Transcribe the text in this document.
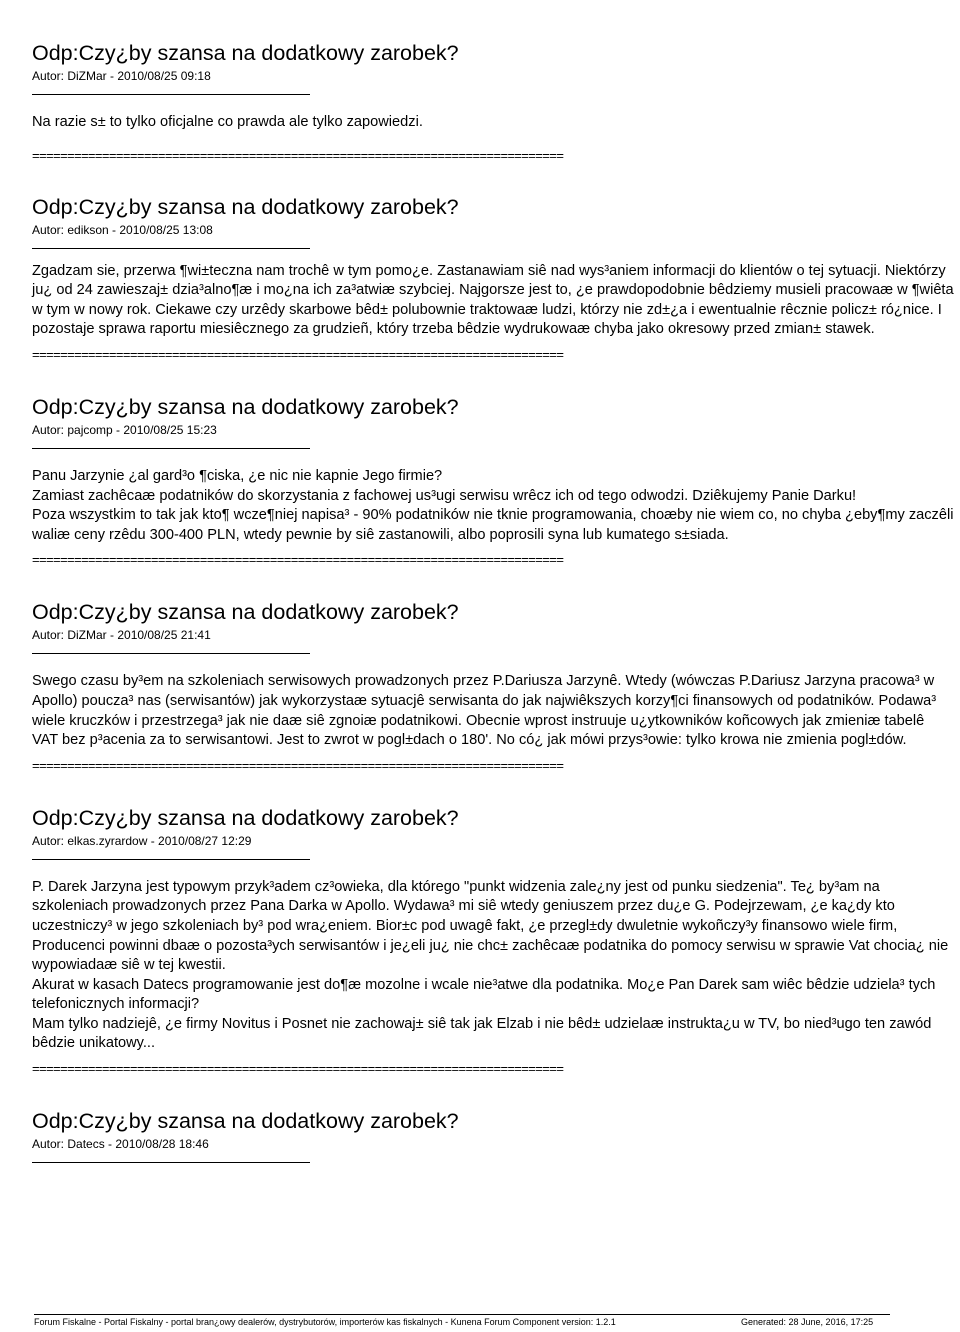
Odp:Czy¿by szansa na dodatkowy zarobek?
Autor: DiZMar - 2010/08/25 09:18

Na razie s± to tylko oficjalne co prawda ale tylko zapowiedzi.

============================================================================
Odp:Czy¿by szansa na dodatkowy zarobek?
Autor: edikson - 2010/08/25 13:08

Zgadzam sie, przerwa ¶wi±teczna nam trochê w tym pomo¿e. Zastanawiam siê nad wys³aniem informacji do klientów o tej sytuacji. Niektórzy ju¿ od 24 zawieszaj± dzia³alno¶æ i mo¿na ich za³atwiæ szybciej. Najgorsze jest to, ¿e prawdopodobnie bêdziemy musieli pracowaæ w ¶wiêta w tym w nowy rok. Ciekawe czy urzêdy skarbowe bêd± polubownie traktowaæ ludzi, którzy nie zd±¿a i ewentualnie rêcznie policz± ró¿nice. I pozostaje sprawa raportu miesiêcznego za grudzieñ, który trzeba bêdzie wydrukowaæ chyba jako okresowy przed zmian± stawek.

============================================================================
Odp:Czy¿by szansa na dodatkowy zarobek?
Autor: pajcomp - 2010/08/25 15:23

Panu Jarzynie ¿al gard³o ¶ciska, ¿e nic nie kapnie Jego firmie?

Zamiast zachêcaæ podatników do skorzystania z fachowej us³ugi serwisu wrêcz ich od tego odwodzi. Dziêkujemy Panie Darku!

Poza wszystkim to tak jak kto¶ wcze¶niej napisa³ - 90% podatników nie tknie programowania, choæby nie wiem co, no chyba ¿eby¶my zaczêli waliæ ceny rzêdu 300-400 PLN, wtedy pewnie by siê zastanowili, albo poprosili syna lub kumatego s±siada.

============================================================================
Odp:Czy¿by szansa na dodatkowy zarobek?
Autor: DiZMar - 2010/08/25 21:41

Swego czasu by³em na szkoleniach serwisowych prowadzonych przez P.Dariusza Jarzynê. Wtedy (wówczas P.Dariusz Jarzyna pracowa³ w Apollo) poucza³ nas (serwisantów) jak wykorzystaæ sytuacjê serwisanta do jak najwiêkszych korzy¶ci finansowych od podatników. Podawa³ wiele kruczków i przestrzega³ jak nie daæ siê zgnoiæ podatnikowi. Obecnie wprost instruuje u¿ytkowników koñcowych jak zmieniæ tabelê VAT bez p³acenia za to serwisantowi. Jest to zwrot w pogl±dach o 180'. No có¿ jak mówi przys³owie: tylko krowa nie zmienia pogl±dów.

============================================================================
Odp:Czy¿by szansa na dodatkowy zarobek?
Autor: elkas.zyrardow - 2010/08/27 12:29

P. Darek Jarzyna jest typowym przyk³adem cz³owieka, dla którego "punkt widzenia zale¿ny jest od punku siedzenia". Te¿ by³am na szkoleniach prowadzonych przez Pana Darka w Apollo. Wydawa³ mi siê wtedy geniuszem przez du¿e G. Podejrzewam, ¿e ka¿dy kto uczestniczy³ w jego szkoleniach by³ pod wra¿eniem. Bior±c pod uwagê fakt, ¿e przegl±dy dwuletnie wykoñczy³y finansowo wiele firm, Producenci powinni dbaæ o pozosta³ych serwisantów i je¿eli ju¿ nie chc± zachêcaæ podatnika do pomocy serwisu w sprawie Vat chocia¿ nie wypowiadaæ siê w tej kwestii.

Akurat w kasach Datecs programowanie jest do¶æ mozolne i wcale nie³atwe dla podatnika. Mo¿e Pan Darek sam wiêc bêdzie udziela³ tych telefonicznych informacji?

Mam tylko nadziejê, ¿e firmy Novitus i Posnet nie zachowaj± siê tak jak Elzab i nie bêd± udzielaæ instrukta¿u w TV, bo nied³ugo ten zawód bêdzie unikatowy...

============================================================================
Odp:Czy¿by szansa na dodatkowy zarobek?
Autor: Datecs - 2010/08/28 18:46
Forum Fiskalne - Portal Fiskalny - portal bran¿owy dealerów, dystrybutorów, importerów kas fiskalnych - Kunena Forum Component version: 1.2.1	Generated: 28 June, 2016, 17:25
